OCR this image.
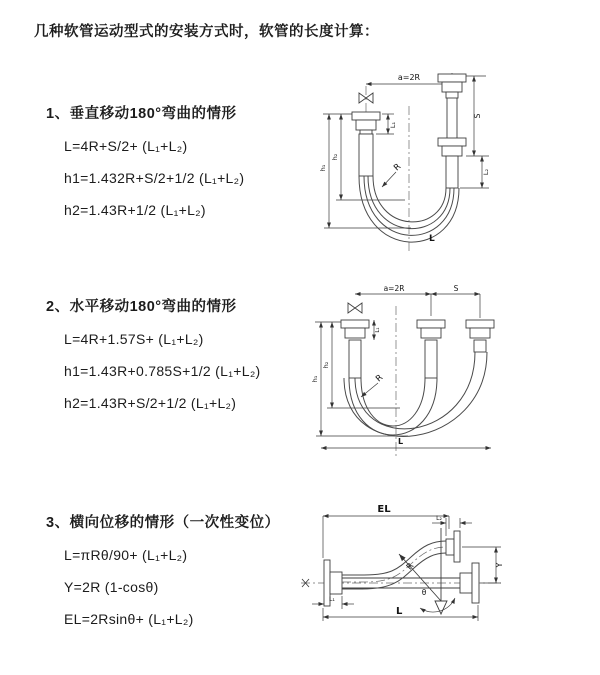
几种软管运动型式的安装方式时，软管的长度计算：
1、垂直移动180°弯曲的情形
L=4R+S/2+ (L₁+L₂)
h1=1.432R+S/2+1/2 (L₁+L₂)
h2=1.43R+1/2 (L₁+L₂)
2、水平移动180°弯曲的情形
L=4R+1.57S+ (L₁+L₂)
h1=1.43R+0.785S+1/2 (L₁+L₂)
h2=1.43R+S/2+1/2 (L₁+L₂)
3、横向位移的情形（一次性变位）
L=πRθ/90+ (L₁+L₂)
Y=2R (1-cosθ)
EL=2Rsinθ+ (L₁+L₂)
a=2R
L₁
S
L₂
h₂
h₁	R
L
a=2R	S
L₁
h₂
h₁	R
L
EL
L₂
Y
R
θ
L₁
L
